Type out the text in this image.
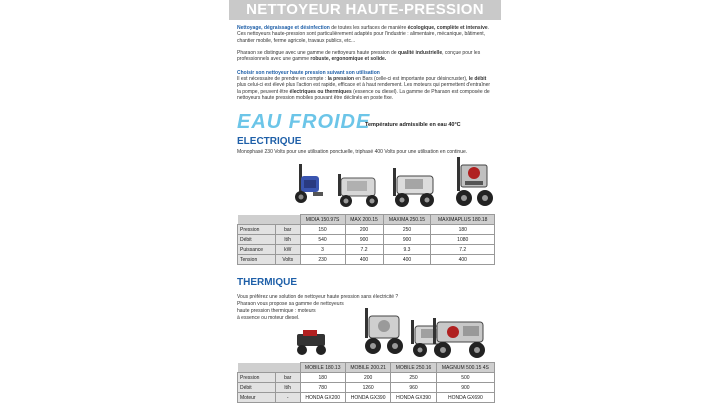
NETTOYEUR HAUTE-PRESSION
Nettoyage, dégraissage et désinfection de toutes les surfaces de manière écologique, complète et intensive. Ces nettoyeurs haute-pression sont particulièrement adaptés pour l'industrie : alimentaire, mécanique, bâtiment, chantier mobile, ferme agricole, travaux publics, etc...
Pharaon se distingue avec une gamme de nettoyeurs haute pression de qualité industrielle, conçue pour les professionnels avec une gamme robuste, ergonomique et solide.
Choisir son nettoyeur haute pression suivant son utilisation
Il est nécessaire de prendre en compte : la pression en Bars (celle-ci est importante pour désincruster), le débit plus celui-ci est élevé plus l'action est rapide, efficace et à haut rendement. Les moteurs qui permettent d'entraîner la pompe, peuvent être électriques ou thermiques (essence ou diesel). La gamme de Pharaon est composée de nettoyeurs haute pression mobiles pouvant être déclinés en poste fixe.
EAU FROIDE
Température admissible en eau 40°C
ELECTRIQUE
Monophasé 230 Volts pour une utilisation ponctuelle, triphasé 400 Volts pour une utilisation en continue.
		MIDIA 150.97S	MAX 200.15	MAXIMA 250.15	MAXIMAPLUS 180.18
Pression	bar	150	200	250	180
Débit	lt/h	540	900	900	1080
Puissance	kW	3	7.2	9.3	7.2
Tension	Volts	230	400	400	400
THERMIQUE
Vous préférez une solution de nettoyeur haute pression sans électricité ?
Pharaon vous propose sa gamme de nettoyeurs
haute pression thermique : moteurs
à essence ou moteur diesel.
		MOBILE 180.13	MOBILE 200.21	MOBILE 250.16	MAGNUM 500.15 4S
Pression	bar	180	200	250	500
Débit	lt/h	780	1260	960	900
Moteur	-	HONDA GX200	HONDA GX390	HONDA GX390	HONDA GX690
